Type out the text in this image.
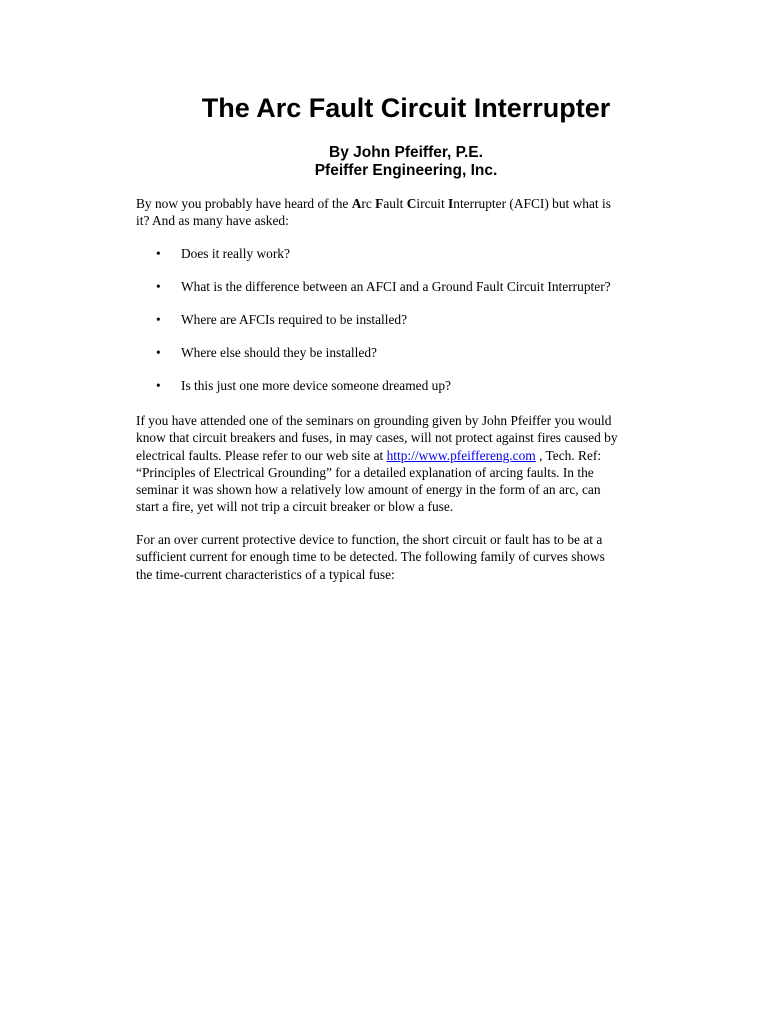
The Arc Fault Circuit Interrupter

By John Pfeiffer, P.E.

Pfeiffer Engineering, Inc.

By now you probably have heard of the Arc Fault Circuit Interrupter (AFCI) but what is
it? And as many have asked:

• Does it really work?
• What is the difference between an AFCI and a Ground Fault Circuit Interrupter?
• Where are AFCIs required to be installed?
• Where else should they be installed?
• Is this just one more device someone dreamed up?

If you have attended one of the seminars on grounding given by John Pfeiffer you would
know that circuit breakers and fuses, in may cases, will not protect against fires caused by
electrical faults. Please refer to our web site at http://www.pfeiffereng.com , Tech. Ref:
“Principles of Electrical Grounding” for a detailed explanation of arcing faults. In the
seminar it was shown how a relatively low amount of energy in the form of an arc, can
start a fire, yet will not trip a circuit breaker or blow a fuse.

For an over current protective device to function, the short circuit or fault has to be at a
sufficient current for enough time to be detected. The following family of curves shows
the time-current characteristics of a typical fuse:
